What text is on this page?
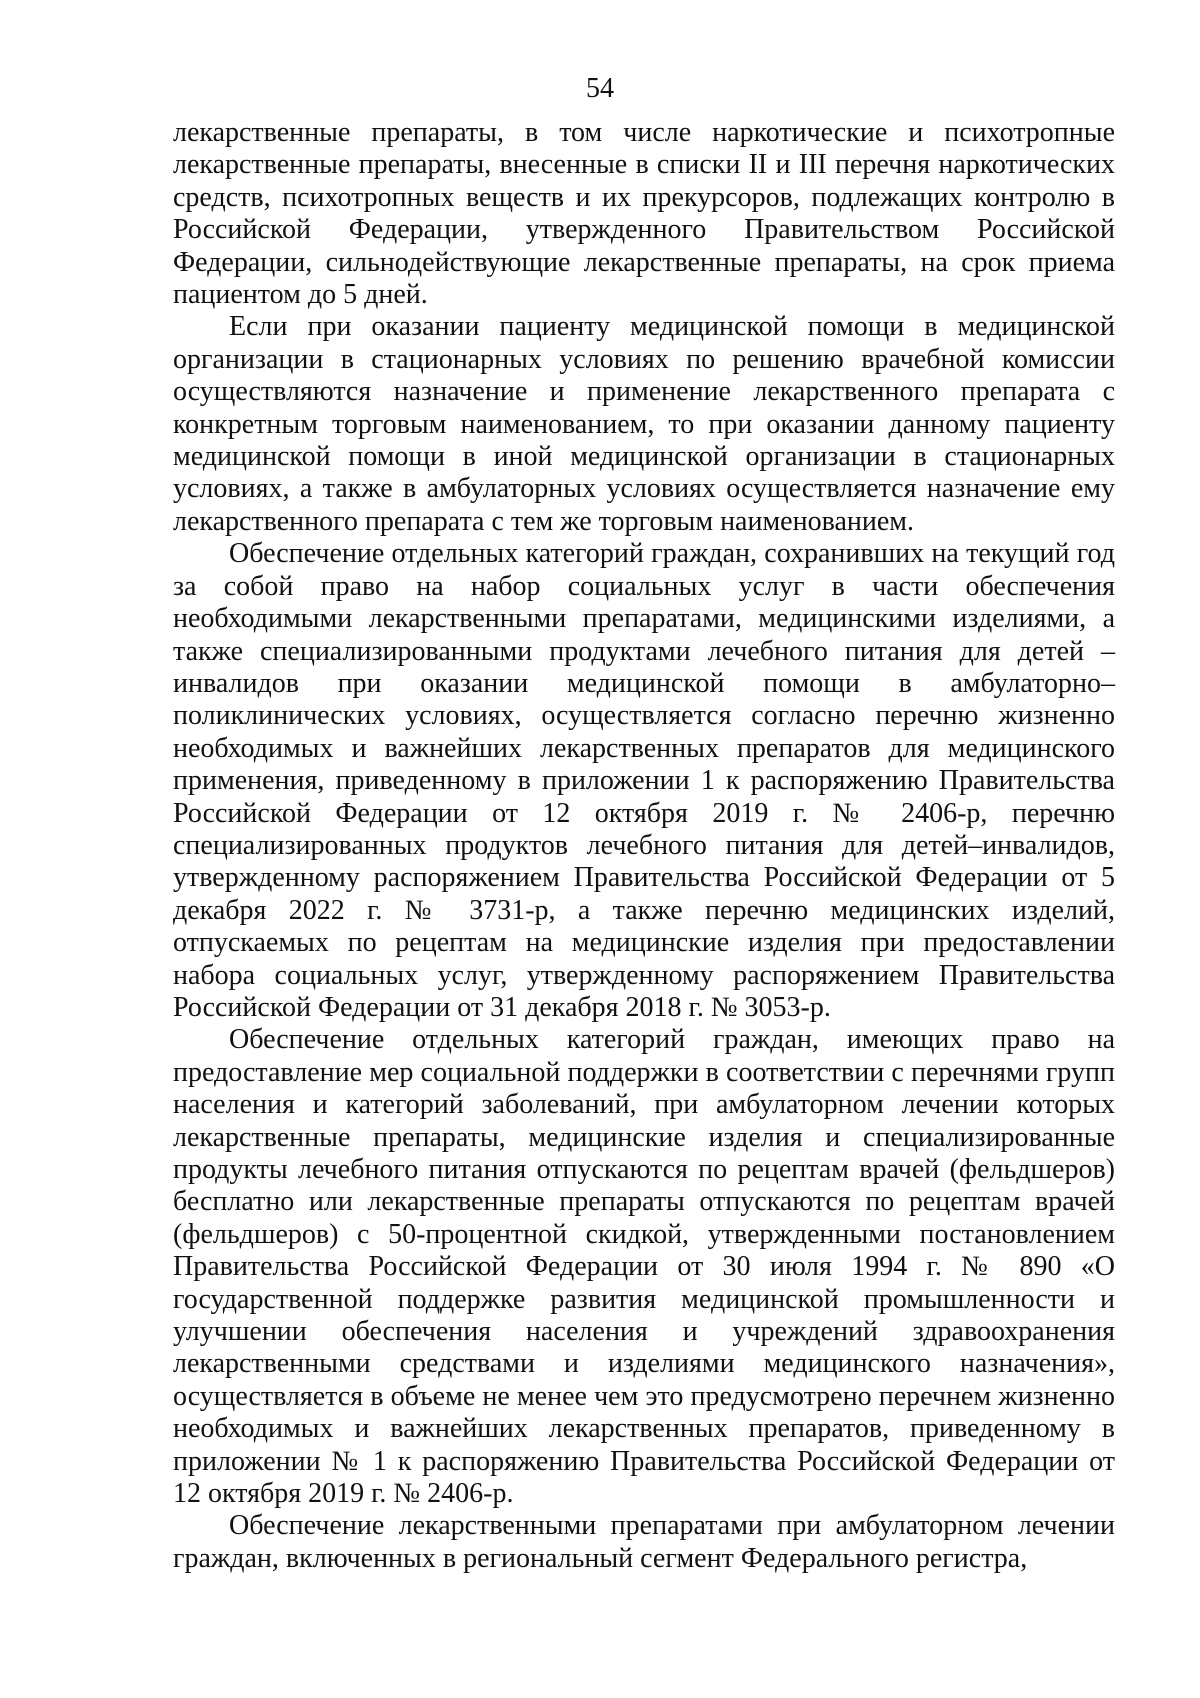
54

лекарственные препараты, в том числе наркотические и психотропные лекарственные препараты, внесенные в списки II и III перечня наркотических средств, психотропных веществ и их прекурсоров, подлежащих контролю в Российской Федерации, утвержденного Правительством Российской Федерации, сильнодействующие лекарственные препараты, на срок приема пациентом до 5 дней.

Если при оказании пациенту медицинской помощи в медицинской организации в стационарных условиях по решению врачебной комиссии осуществляются назначение и применение лекарственного препарата с конкретным торговым наименованием, то при оказании данному пациенту медицинской помощи в иной медицинской организации в стационарных условиях, а также в амбулаторных условиях осуществляется назначение ему лекарственного препарата с тем же торговым наименованием.

Обеспечение отдельных категорий граждан, сохранивших на текущий год за собой право на набор социальных услуг в части обеспечения необходимыми лекарственными препаратами, медицинскими изделиями, а также специализированными продуктами лечебного питания для детей – инвалидов при оказании медицинской помощи в амбулаторно–поликлинических условиях, осуществляется согласно перечню жизненно необходимых и важнейших лекарственных препаратов для медицинского применения, приведенному в приложении 1 к распоряжению Правительства Российской Федерации от 12 октября 2019 г. № 2406-р, перечню специализированных продуктов лечебного питания для детей–инвалидов, утвержденному распоряжением Правительства Российской Федерации от 5 декабря 2022 г. № 3731-р, а также перечню медицинских изделий, отпускаемых по рецептам на медицинские изделия при предоставлении набора социальных услуг, утвержденному распоряжением Правительства Российской Федерации от 31 декабря 2018 г. № 3053-р.

Обеспечение отдельных категорий граждан, имеющих право на предоставление мер социальной поддержки в соответствии с перечнями групп населения и категорий заболеваний, при амбулаторном лечении которых лекарственные препараты, медицинские изделия и специализированные продукты лечебного питания отпускаются по рецептам врачей (фельдшеров) бесплатно или лекарственные препараты отпускаются по рецептам врачей (фельдшеров) с 50-процентной скидкой, утвержденными постановлением Правительства Российской Федерации от 30 июля 1994 г. № 890 «О государственной поддержке развития медицинской промышленности и улучшении обеспечения населения и учреждений здравоохранения лекарственными средствами и изделиями медицинского назначения», осуществляется в объеме не менее чем это предусмотрено перечнем жизненно необходимых и важнейших лекарственных препаратов, приведенному в приложении № 1 к распоряжению Правительства Российской Федерации от 12 октября 2019 г. № 2406-р.

Обеспечение лекарственными препаратами при амбулаторном лечении граждан, включенных в региональный сегмент Федерального регистра,
